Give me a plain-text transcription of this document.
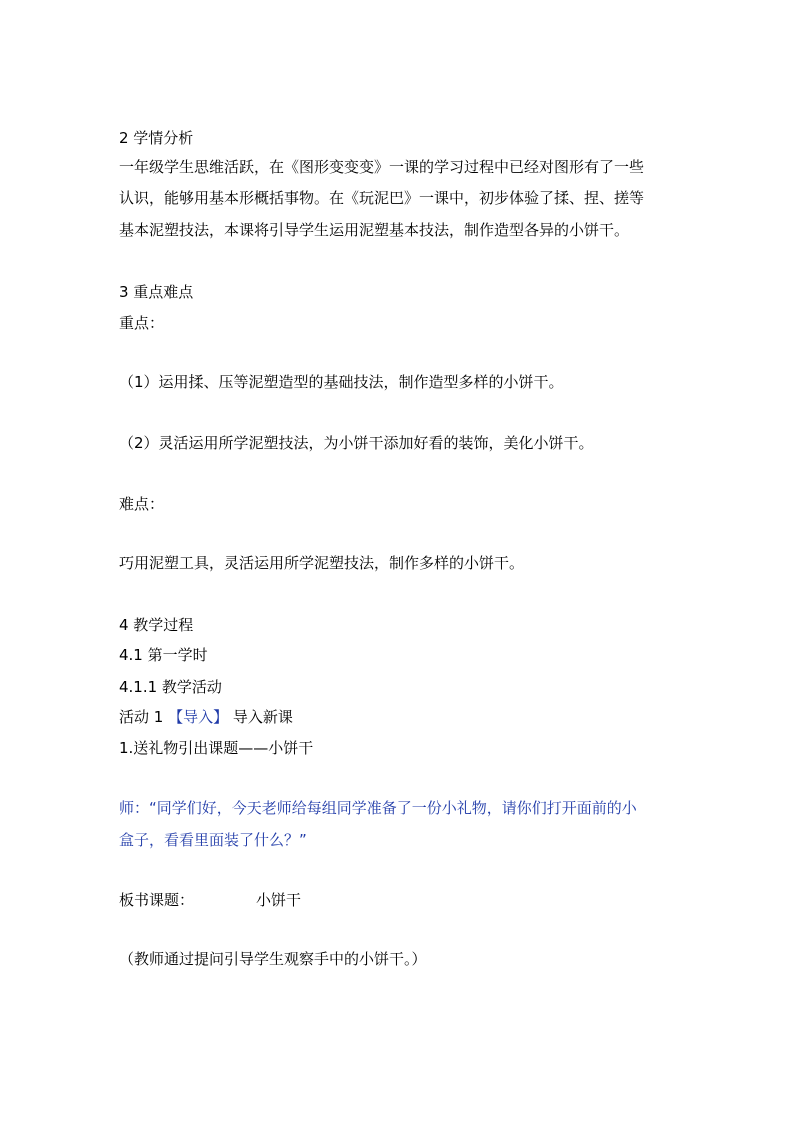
2 学情分析
一年级学生思维活跃，在《图形变变变》一课的学习过程中已经对图形有了一些
认识，能够用基本形概括事物。在《玩泥巴》一课中，初步体验了揉、捏、搓等
基本泥塑技法，本课将引导学生运用泥塑基本技法，制作造型各异的小饼干。
3 重点难点
重点：
（1）运用揉、压等泥塑造型的基础技法，制作造型多样的小饼干。
（2）灵活运用所学泥塑技法，为小饼干添加好看的装饰，美化小饼干。
难点：
巧用泥塑工具，灵活运用所学泥塑技法，制作多样的小饼干。
4 教学过程
4.1 第一学时
4.1.1 教学活动
活动 1 【导入】 导入新课
1.送礼物引出课题——小饼干
师：“同学们好，今天老师给每组同学准备了一份小礼物，请你们打开面前的小
盒子，看看里面装了什么？”
板书课题：	小饼干
（教师通过提问引导学生观察手中的小饼干。）
